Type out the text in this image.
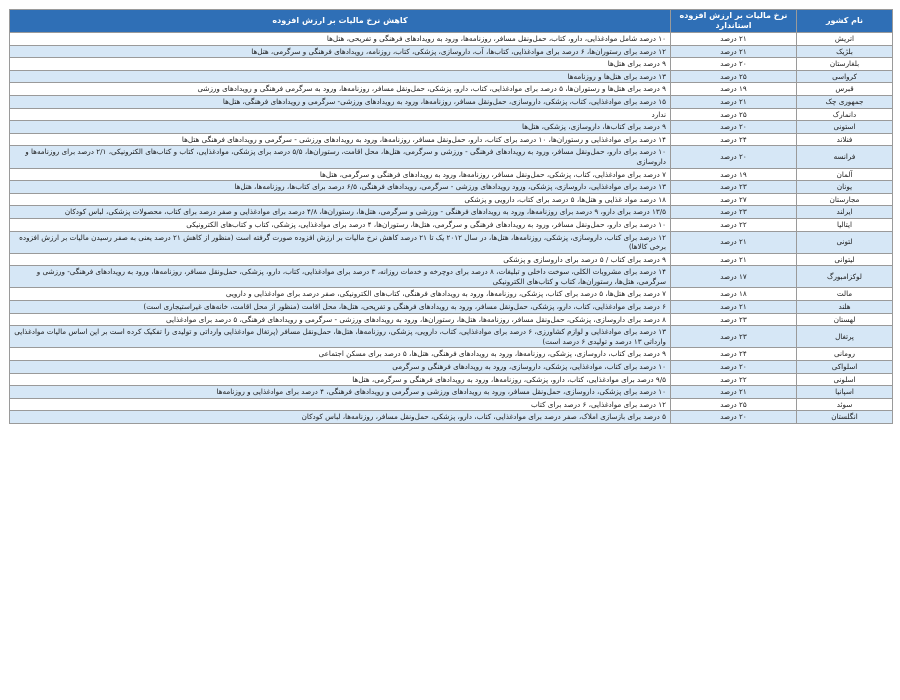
نام کشور	نرخ مالیات بر ارزش افزوده استاندارد	کاهش نرخ مالیات بر ارزش افزوده
اتریش	۲۱ درصد	۱۰ درصد شامل مواد‌غذایی، دارو، کتاب، حمل‌ونقل مسافر، روزنامه‌ها، ورود به رویدادهای فرهنگی و تفریحی، هتل‌ها
بلژیک	۲۱ درصد	۱۲ درصد برای رستوران‌ها، ۶ درصد برای مواد‌غذایی، کتاب‌ها، آب، داروسازی، پزشکی، کتاب، روزنامه، رویدادهای فرهنگی و سرگرمی، هتل‌ها
بلغارستان	۲۰ درصد	۹ درصد برای هتل‌ها
کرواسی	۲۵ درصد	۱۳ درصد برای هتل‌ها و روزنامه‌ها
قبرس	۱۹ درصد	۹ درصد برای هتل‌ها و رستوران‌ها، ۵ درصد برای مواد‌غذایی، کتاب، دارو، پزشکی، حمل‌ونقل مسافر، روزنامه‌ها، ورود به سرگرمی فرهنگی و رویدادهای ورزشی
جمهوری چک	۲۱ درصد	۱۵ درصد برای مواد‌غذایی، کتاب، پزشکی، داروسازی، حمل‌ونقل مسافر، روزنامه‌ها، ورود به رویدادهای ورزشی- سرگرمی و رویدادهای فرهنگی، هتل‌ها
دانمارک	۲۵ درصد	ندارد
استونی	۲۰ درصد	۹ درصد برای کتاب‌ها، داروسازی، پزشکی، هتل‌ها
فنلاند	۲۴ درصد	۱۴ درصد برای مواد‌غذایی و رستوران‌ها، ۱۰ درصد برای کتاب، دارو، حمل‌ونقل مسافر، روزنامه‌ها، ورود به رویدادهای ورزشی - سرگرمی و رویدادهای فرهنگی هتل‌ها
فرانسه	۲۰ درصد	۱۰ درصد برای دارو، حمل‌ونقل مسافر، ورود به رویدادهای فرهنگی - ورزشی و سرگرمی، هتل‌ها، محل اقامت، رستوران‌ها، ۵/۵ درصد برای پزشکی، مواد‌غذایی، کتاب و کتاب‌های الکترونیکی، ۲/۱ درصد برای روزنامه‌ها و داروسازی
آلمان	۱۹ درصد	۷ درصد برای مواد‌غذایی، کتاب، پزشکی، حمل‌ونقل مسافر، روزنامه‌ها، ورود به رویدادهای فرهنگی و سرگرمی، هتل‌ها
یونان	۲۳ درصد	۱۳ درصد برای مواد‌غذایی، داروسازی، پزشکی، ورود رویدادهای ورزشی - سرگرمی، رویدادهای فرهنگی، ۶/۵ درصد برای کتاب‌ها، روزنامه‌ها، هتل‌ها
مجارستان	۲۷ درصد	۱۸ درصد مواد غذایی و هتل‌ها، ۵ درصد برای کتاب، دارویی و پزشکی
ایرلند	۲۳ درصد	۱۳/۵ درصد برای دارو، ۹ درصد برای روزنامه‌ها، ورود به رویدادهای فرهنگی - ورزشی و سرگرمی، هتل‌ها، رستوران‌ها، ۴/۸ درصد برای مواد‌غذایی و صفر درصد برای کتاب، محصولات پزشکی، لباس کودکان
ایتالیا	۲۲ درصد	۱۰ درصد برای دارو، حمل‌ونقل مسافر، ورود به رویدادهای فرهنگی و سرگرمی، هتل‌ها، رستوران‌ها، ۴ درصد برای مواد‌غذایی، پزشکی، کتاب و کتاب‌های الکترونیکی
لتونی	۲۱ درصد	۱۲ درصد برای کتاب، داروسازی، پزشکی، روزنامه‌ها، هتل‌ها، در سال ۲۰۱۲ یک تا ۲۱ درصد کاهش نرخ مالیات بر ارزش افزوده صورت گرفته است (منظور از کاهش ۲۱ درصد یعنی به صفر رسیدن مالیات بر ارزش افزوده برخی کالاها)
لیتوانی	۲۱ درصد	۹ درصد برای کتاب / ۵ درصد برای داروسازی و پزشکی
لوکزامبورگ	۱۷ درصد	۱۴ درصد برای مشروبات الکلی، سوخت داخلی و تبلیغات، ۸ درصد برای دوچرخه و خدمات روزانه، ۳ درصد برای مواد‌غذایی، کتاب، دارو، پزشکی، حمل‌ونقل مسافر، روزنامه‌ها، ورود به رویدادهای فرهنگی- ورزشی و سرگرمی، هتل‌ها، رستوران‌ها، کتاب و کتاب‌های الکترونیکی
مالت	۱۸ درصد	۷ درصد برای هتل‌ها، ۵ درصد برای کتاب، پزشکی، روزنامه‌ها، ورود به رویدادهای فرهنگی، کتاب‌های الکترونیکی، صفر درصد برای مواد‌غذایی و دارویی
هلند	۲۱ درصد	۶ درصد برای مواد‌غذایی، کتاب، دارو، پزشکی، حمل‌ونقل مسافر، ورود به رویدادهای فرهنگی و تفریحی، هتل‌ها، محل اقامت (منظور از محل اقامت، خانه‌های غیراستیجاری است)
لهستان	۲۳ درصد	۸ درصد برای داروسازی، پزشکی، حمل‌ونقل مسافر، روزنامه‌ها، هتل‌ها، رستوران‌ها، ورود به رویدادهای ورزشی - سرگرمی و رویدادهای فرهنگی، ۵ درصد برای مواد‌غذایی
پرتغال	۲۳ درصد	۱۳ درصد برای مواد‌غذایی و لوازم کشاورزی، ۶ درصد برای مواد‌غذایی، کتاب، دارویی، پزشکی، روزنامه‌ها، هتل‌ها، حمل‌ونقل مسافر (پرتغال مواد‌غذایی وارداتی و تولیدی را تفکیک کرده است بر این اساس مالیات مواد‌غذایی وارداتی ۱۳ درصد و تولیدی ۶ درصد است)
رومانی	۲۴ درصد	۹ درصد برای کتاب، داروسازی، پزشکی، روزنامه‌ها، ورود به رویدادهای فرهنگی، هتل‌ها، ۵ درصد برای مسکن اجتماعی
اسلواکی	۲۰ درصد	۱۰ درصد برای کتاب، مواد‌غذایی، پزشکی، داروسازی، ورود به رویدادهای فرهنگی و سرگرمی
اسلونی	۲۲ درصد	۹/۵ درصد برای مواد‌غذایی، کتاب، دارو، پزشکی، روزنامه‌ها، ورود به رویدادهای فرهنگی و سرگرمی، هتل‌ها
اسپانیا	۲۱ درصد	۱۰ درصد برای پزشکی، داروسازی، حمل‌ونقل مسافر، ورود به رویدادهای ورزشی و سرگرمی و رویدادهای فرهنگی، ۴ درصد برای مواد‌غذایی و روزنامه‌ها
سوئد	۲۵ درصد	۱۲ درصد برای مواد‌غذایی، ۶ درصد برای کتاب
انگلستان	۲۰ درصد	۵ درصد برای بازسازی املاک، صفر درصد برای مواد‌غذایی، کتاب، دارو، پزشکی، حمل‌ونقل مسافر، روزنامه‌ها، لباس کودکان
